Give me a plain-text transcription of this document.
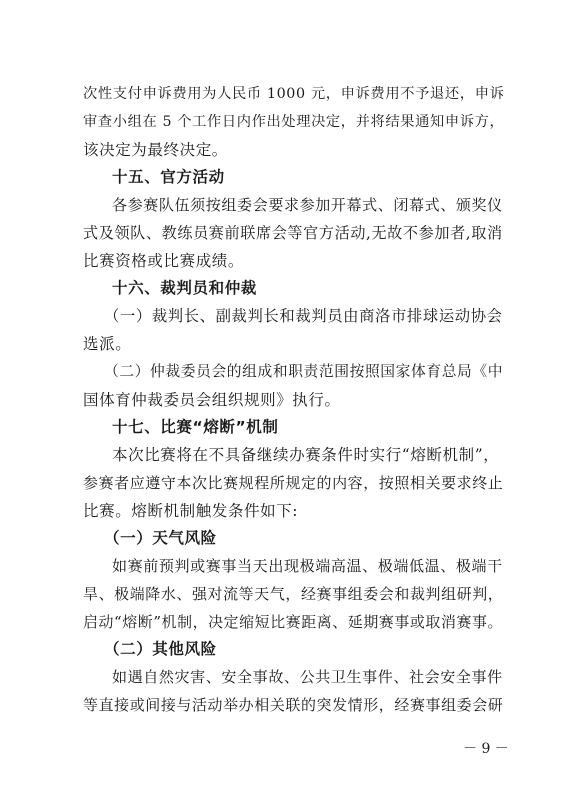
次性支付申诉费用为人民币 1000 元，申诉费用不予退还，申诉
审查小组在 5 个工作日内作出处理决定，并将结果通知申诉方，
该决定为最终决定。
十五、官方活动
各参赛队伍须按组委会要求参加开幕式、闭幕式、颁奖仪
式及领队、教练员赛前联席会等官方活动,无故不参加者,取消
比赛资格或比赛成绩。
十六、裁判员和仲裁
（一）裁判长、副裁判长和裁判员由商洛市排球运动协会
选派。
（二）仲裁委员会的组成和职责范围按照国家体育总局《中
国体育仲裁委员会组织规则》执行。
十七、比赛“熔断”机制
本次比赛将在不具备继续办赛条件时实行“熔断机制”，
参赛者应遵守本次比赛规程所规定的内容，按照相关要求终止
比赛。熔断机制触发条件如下:
（一）天气风险
如赛前预判或赛事当天出现极端高温、极端低温、极端干
旱、极端降水、强对流等天气，经赛事组委会和裁判组研判，
启动“熔断”机制，决定缩短比赛距离、延期赛事或取消赛事。
（二）其他风险
如遇自然灾害、安全事故、公共卫生事件、社会安全事件
等直接或间接与活动举办相关联的突发情形，经赛事组委会研
－ 9 －
